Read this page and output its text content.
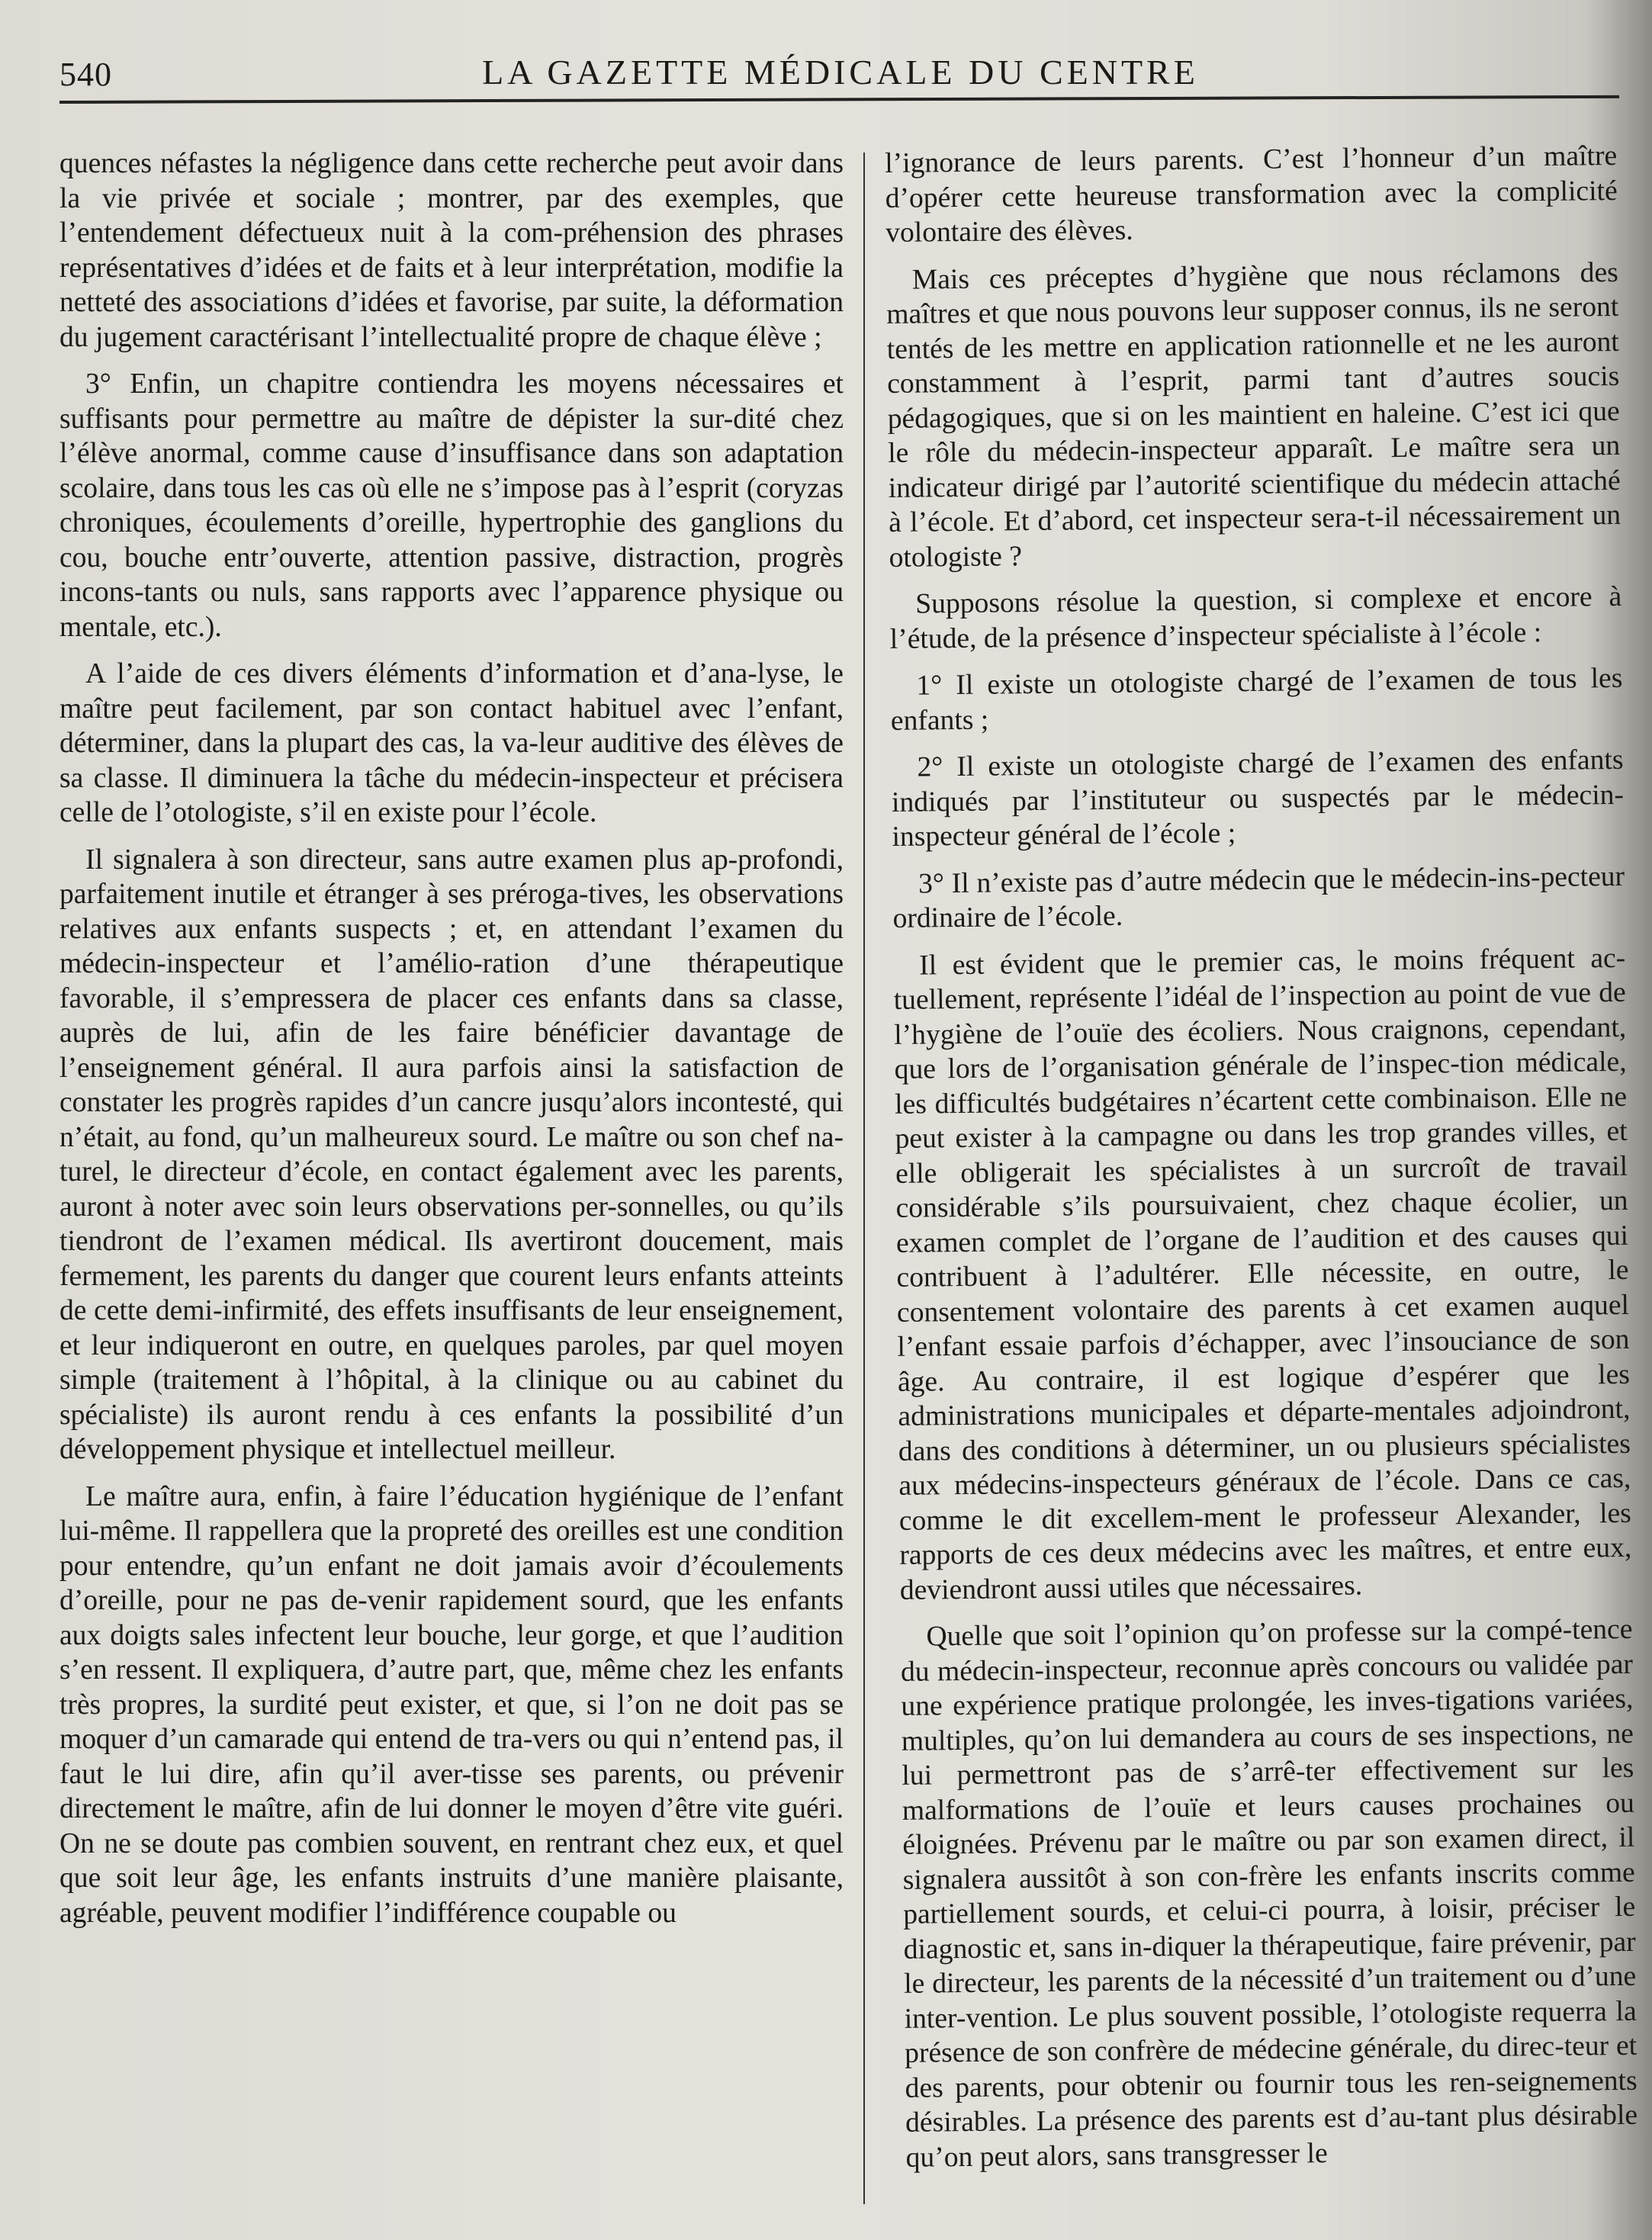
540	LA GAZETTE MÉDICALE DU CENTRE

quences néfastes la négligence dans cette recherche peut avoir dans la vie privée et sociale ; montrer, par des exemples, que l’entendement défectueux nuit à la com-préhension des phrases représentatives d’idées et de faits et à leur interprétation, modifie la netteté des associations d’idées et favorise, par suite, la déformation du jugement caractérisant l’intellectualité propre de chaque élève ;

3° Enfin, un chapitre contiendra les moyens nécessaires et suffisants pour permettre au maître de dépister la sur-dité chez l’élève anormal, comme cause d’insuffisance dans son adaptation scolaire, dans tous les cas où elle ne s’impose pas à l’esprit (coryzas chroniques, écoulements d’oreille, hypertrophie des ganglions du cou, bouche entr’ouverte, attention passive, distraction, progrès incons-tants ou nuls, sans rapports avec l’apparence physique ou mentale, etc.).

A l’aide de ces divers éléments d’information et d’ana-lyse, le maître peut facilement, par son contact habituel avec l’enfant, déterminer, dans la plupart des cas, la va-leur auditive des élèves de sa classe. Il diminuera la tâche du médecin-inspecteur et précisera celle de l’otologiste, s’il en existe pour l’école.

Il signalera à son directeur, sans autre examen plus ap-profondi, parfaitement inutile et étranger à ses préroga-tives, les observations relatives aux enfants suspects ; et, en attendant l’examen du médecin-inspecteur et l’amélio-ration d’une thérapeutique favorable, il s’empressera de placer ces enfants dans sa classe, auprès de lui, afin de les faire bénéficier davantage de l’enseignement général. Il aura parfois ainsi la satisfaction de constater les progrès rapides d’un cancre jusqu’alors incontesté, qui n’était, au fond, qu’un malheureux sourd. Le maître ou son chef na-turel, le directeur d’école, en contact également avec les parents, auront à noter avec soin leurs observations per-sonnelles, ou qu’ils tiendront de l’examen médical. Ils avertiront doucement, mais fermement, les parents du danger que courent leurs enfants atteints de cette demi-infirmité, des effets insuffisants de leur enseignement, et leur indiqueront en outre, en quelques paroles, par quel moyen simple (traitement à l’hôpital, à la clinique ou au cabinet du spécialiste) ils auront rendu à ces enfants la possibilité d’un développement physique et intellectuel meilleur.

Le maître aura, enfin, à faire l’éducation hygiénique de l’enfant lui-même. Il rappellera que la propreté des oreilles est une condition pour entendre, qu’un enfant ne doit jamais avoir d’écoulements d’oreille, pour ne pas de-venir rapidement sourd, que les enfants aux doigts sales infectent leur bouche, leur gorge, et que l’audition s’en ressent. Il expliquera, d’autre part, que, même chez les enfants très propres, la surdité peut exister, et que, si l’on ne doit pas se moquer d’un camarade qui entend de tra-vers ou qui n’entend pas, il faut le lui dire, afin qu’il aver-tisse ses parents, ou prévenir directement le maître, afin de lui donner le moyen d’être vite guéri. On ne se doute pas combien souvent, en rentrant chez eux, et quel que soit leur âge, les enfants instruits d’une manière plaisante, agréable, peuvent modifier l’indifférence coupable ou

l’ignorance de leurs parents. C’est l’honneur d’un maître d’opérer cette heureuse transformation avec la complicité volontaire des élèves.

Mais ces préceptes d’hygiène que nous réclamons des maîtres et que nous pouvons leur supposer connus, ils ne seront tentés de les mettre en application rationnelle et ne les auront constamment à l’esprit, parmi tant d’autres soucis pédagogiques, que si on les maintient en haleine. C’est ici que le rôle du médecin-inspecteur apparaît. Le maître sera un indicateur dirigé par l’autorité scientifique du médecin attaché à l’école. Et d’abord, cet inspecteur sera-t-il nécessairement un otologiste ?

Supposons résolue la question, si complexe et encore à l’étude, de la présence d’inspecteur spécialiste à l’école :

1° Il existe un otologiste chargé de l’examen de tous les enfants ;

2° Il existe un otologiste chargé de l’examen des enfants indiqués par l’instituteur ou suspectés par le médecin-inspecteur général de l’école ;

3° Il n’existe pas d’autre médecin que le médecin-ins-pecteur ordinaire de l’école.

Il est évident que le premier cas, le moins fréquent ac-tuellement, représente l’idéal de l’inspection au point de vue de l’hygiène de l’ouïe des écoliers. Nous craignons, cependant, que lors de l’organisation générale de l’inspec-tion médicale, les difficultés budgétaires n’écartent cette combinaison. Elle ne peut exister à la campagne ou dans les trop grandes villes, et elle obligerait les spécialistes à un surcroît de travail considérable s’ils poursuivaient, chez chaque écolier, un examen complet de l’organe de l’audition et des causes qui contribuent à l’adultérer. Elle nécessite, en outre, le consentement volontaire des parents à cet examen auquel l’enfant essaie parfois d’échapper, avec l’insouciance de son âge. Au contraire, il est logique d’espérer que les administrations municipales et départe-mentales adjoindront, dans des conditions à déterminer, un ou plusieurs spécialistes aux médecins-inspecteurs généraux de l’école. Dans ce cas, comme le dit excellem-ment le professeur Alexander, les rapports de ces deux médecins avec les maîtres, et entre eux, deviendront aussi utiles que nécessaires.

Quelle que soit l’opinion qu’on professe sur la compé-tence du médecin-inspecteur, reconnue après concours ou validée par une expérience pratique prolongée, les inves-tigations variées, multiples, qu’on lui demandera au cours de ses inspections, ne lui permettront pas de s’arrê-ter effectivement sur les malformations de l’ouïe et leurs causes prochaines ou éloignées. Prévenu par le maître ou par son examen direct, il signalera aussitôt à son con-frère les enfants inscrits comme partiellement sourds, et celui-ci pourra, à loisir, préciser le diagnostic et, sans in-diquer la thérapeutique, faire prévenir, par le directeur, les parents de la nécessité d’un traitement ou d’une inter-vention. Le plus souvent possible, l’otologiste requerra la présence de son confrère de médecine générale, du direc-teur et des parents, pour obtenir ou fournir tous les ren-seignements désirables. La présence des parents est d’au-tant plus désirable qu’on peut alors, sans transgresser le
